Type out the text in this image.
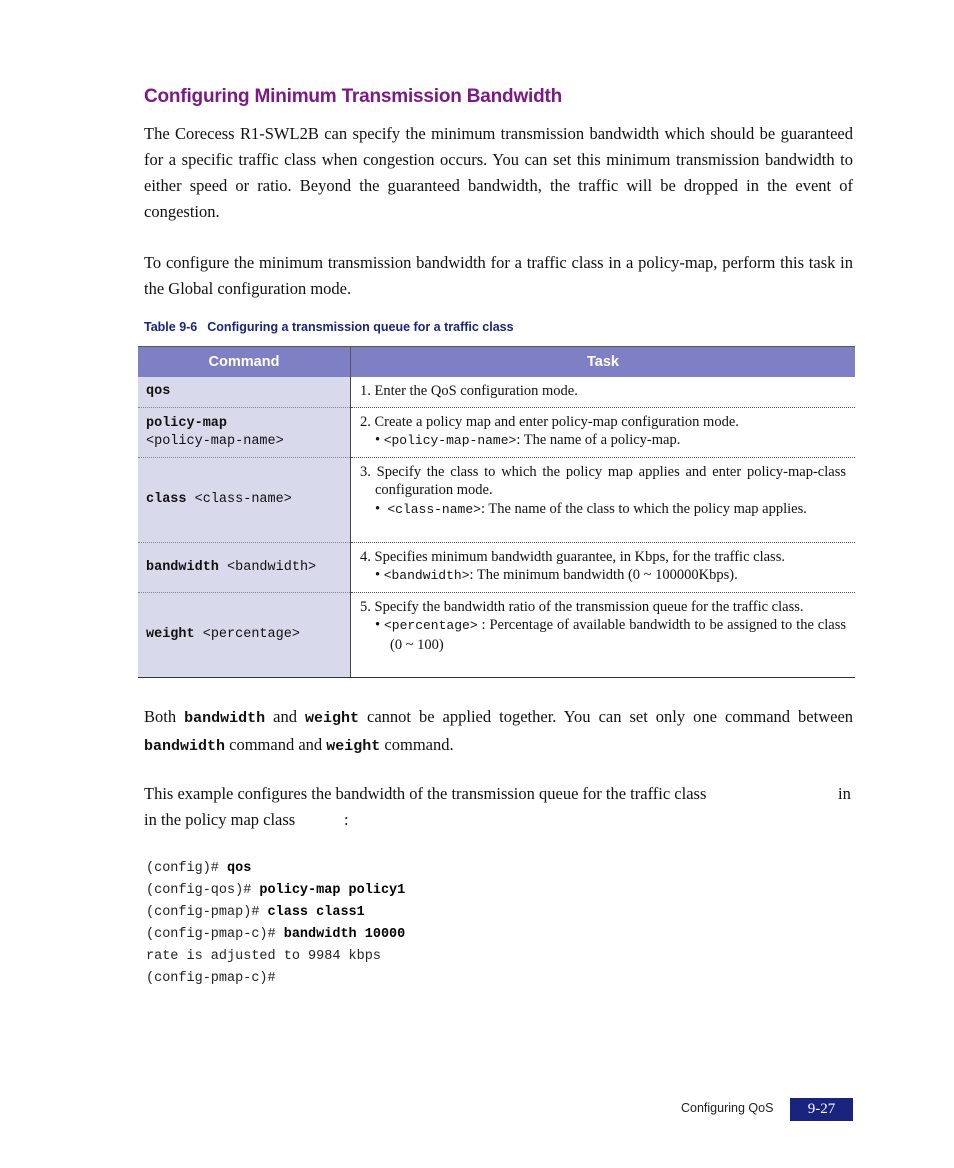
Configuring Minimum Transmission Bandwidth
The Corecess R1-SWL2B can specify the minimum transmission bandwidth which should be guaranteed for a specific traffic class when congestion occurs. You can set this minimum transmission bandwidth to either speed or ratio. Beyond the guaranteed bandwidth, the traffic will be dropped in the event of congestion.
To configure the minimum transmission bandwidth for a traffic class in a policy-map, perform this task in the Global configuration mode.
Table 9-6 Configuring a transmission queue for a traffic class
Command	Task
qos	1. Enter the QoS configuration mode.
policy-map
<policy-map-name>	2. Create a policy map and enter policy-map configuration mode.
• <policy-map-name>: The name of a policy-map.
class <class-name>	3. Specify the class to which the policy map applies and enter policy-map-class configuration mode.
•  <class-name>: The name of the class to which the policy map applies.

bandwidth <bandwidth>	4. Specifies minimum bandwidth guarantee, in Kbps, for the traffic class.
• <bandwidth>: The minimum bandwidth (0 ~ 100000Kbps).
weight <percentage>	5. Specify the bandwidth ratio of the transmission queue for the traffic class.
• <percentage> : Percentage of available bandwidth to be assigned to the class (0 ~ 100)
Both bandwidth and weight cannot be applied together. You can set only one command between bandwidth command and weight command.
This example configures the bandwidth of the transmission queue for the traffic class	in
in the policy map class	:
(config)# qos
(config-qos)# policy-map policy1
(config-pmap)# class class1
(config-pmap-c)# bandwidth 10000
rate is adjusted to 9984 kbps
(config-pmap-c)#
Configuring QoS	9-27
